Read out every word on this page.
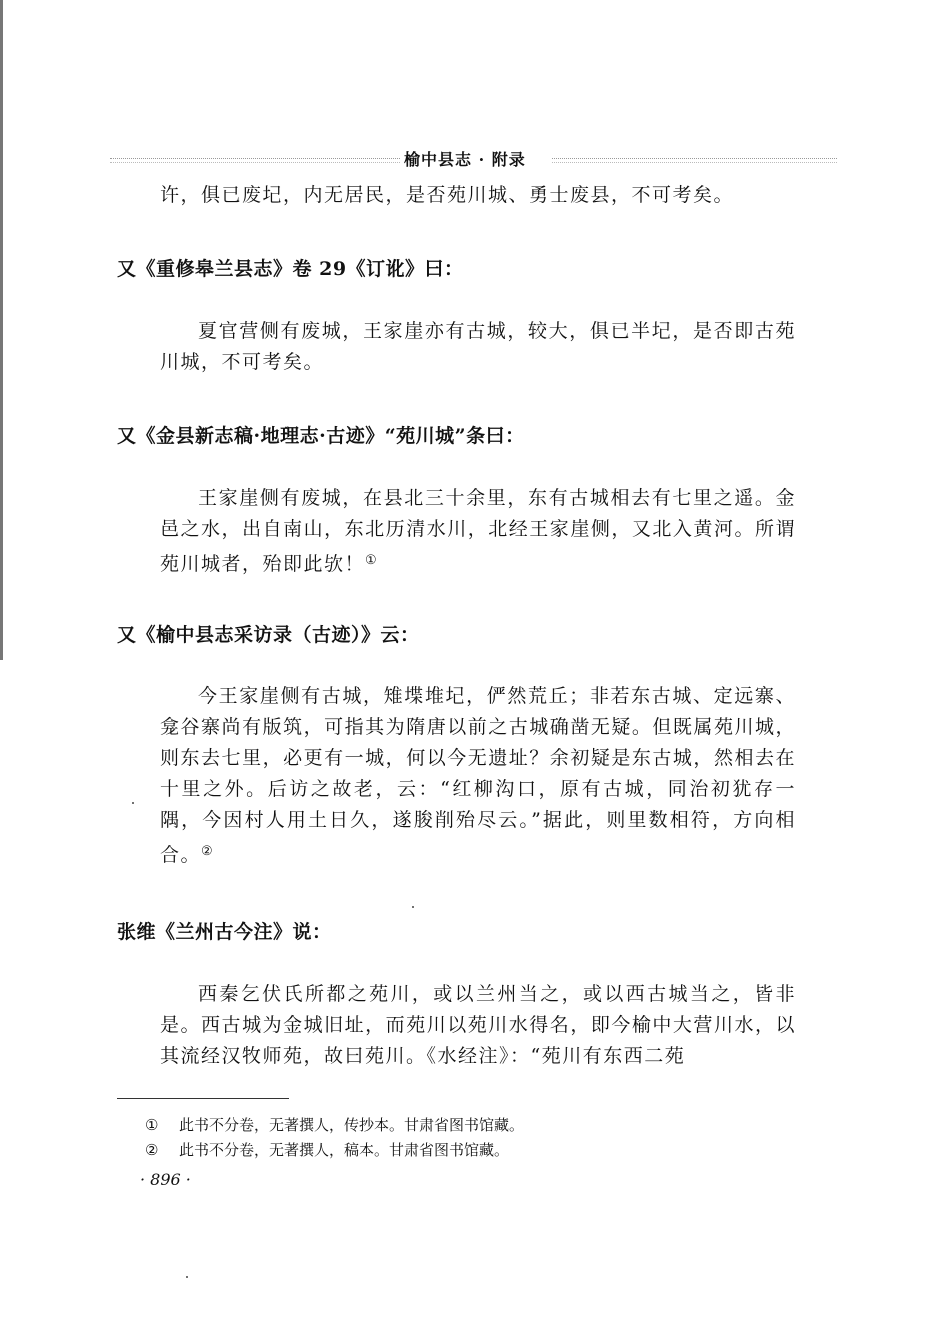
榆中县志 · 附录

许，俱已废圮，内无居民，是否苑川城、勇士废县，不可考矣。

又《重修皋兰县志》卷 29《订讹》曰：

夏官营侧有废城，王家崖亦有古城，较大，俱已半圮，是否即古苑川城，不可考矣。

又《金县新志稿·地理志·古迹》“苑川城”条曰：

王家崖侧有废城，在县北三十余里，东有古城相去有七里之遥。金邑之水，出自南山，东北历清水川，北经王家崖侧，又北入黄河。所谓苑川城者，殆即此欤！①

又《榆中县志采访录（古迹）》云：

今王家崖侧有古城，雉堞堆圮，俨然荒丘；非若东古城、定远寨、龛谷寨尚有版筑，可指其为隋唐以前之古城确凿无疑。但既属苑川城，则东去七里，必更有一城，何以今无遗址？余初疑是东古城，然相去在十里之外。后访之故老，云：“红柳沟口，原有古城，同治初犹存一隅，今因村人用土日久，遂朘削殆尽云。”据此，则里数相符，方向相合。②

张维《兰州古今注》说：

西秦乞伏氏所都之苑川，或以兰州当之，或以西古城当之，皆非是。西古城为金城旧址，而苑川以苑川水得名，即今榆中大营川水，以其流经汉牧师苑，故曰苑川。《水经注》：“苑川有东西二苑

① 此书不分卷，无著撰人，传抄本。甘肃省图书馆藏。
② 此书不分卷，无著撰人，稿本。甘肃省图书馆藏。
· 896 ·
